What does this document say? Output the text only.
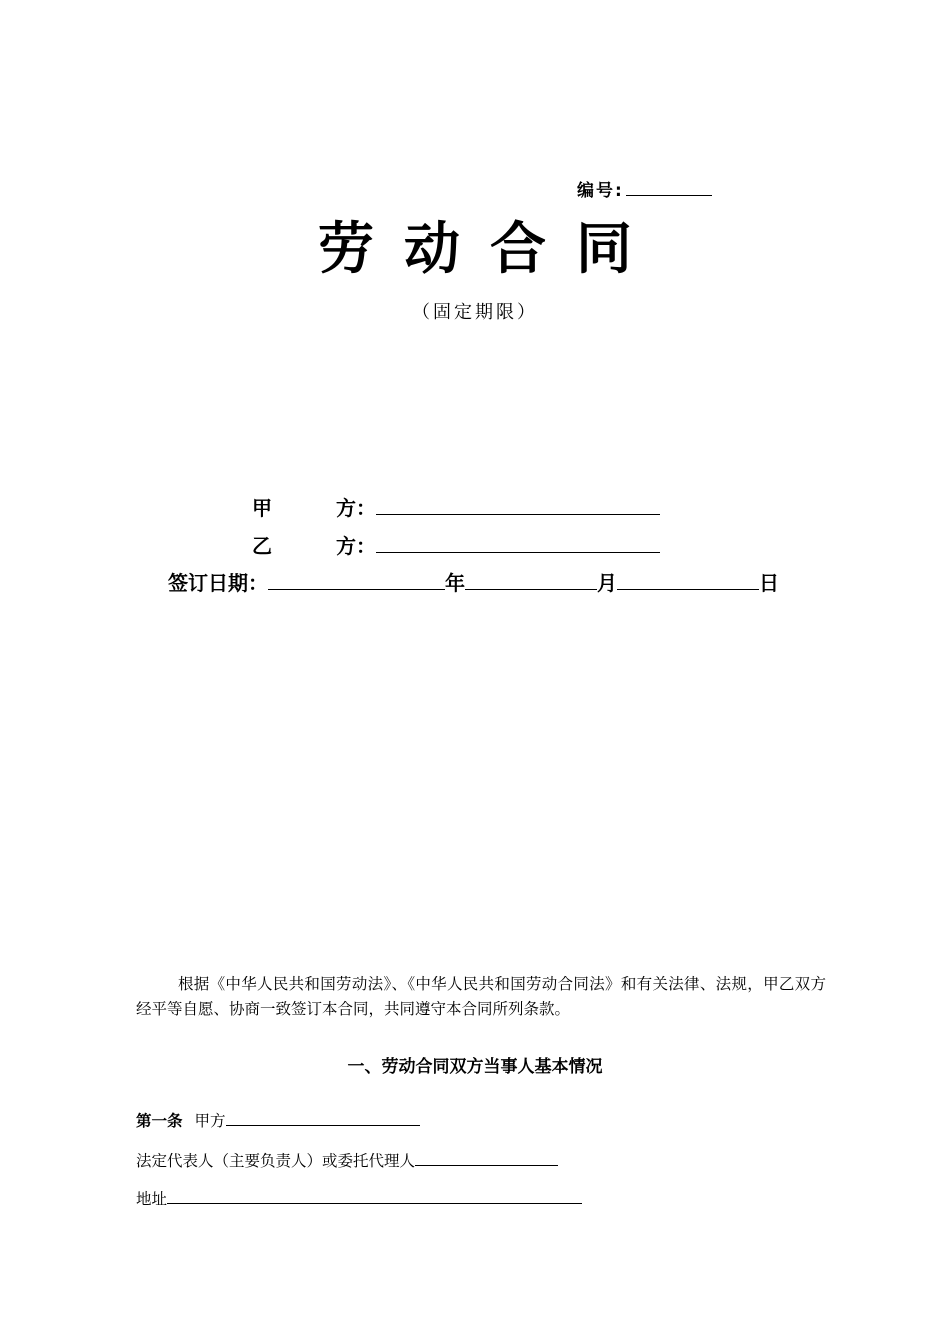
编号:
劳动合同
（固定期限）
甲	方：
乙	方：
签订日期：	年	月	日
根据《中华人民共和国劳动法》、《中华人民共和国劳动合同法》和有关法律、法规，甲乙双方经平等自愿、协商一致签订本合同，共同遵守本合同所列条款。
一、劳动合同双方当事人基本情况
第一条 甲方
法定代表人（主要负责人）或委托代理人
地址
